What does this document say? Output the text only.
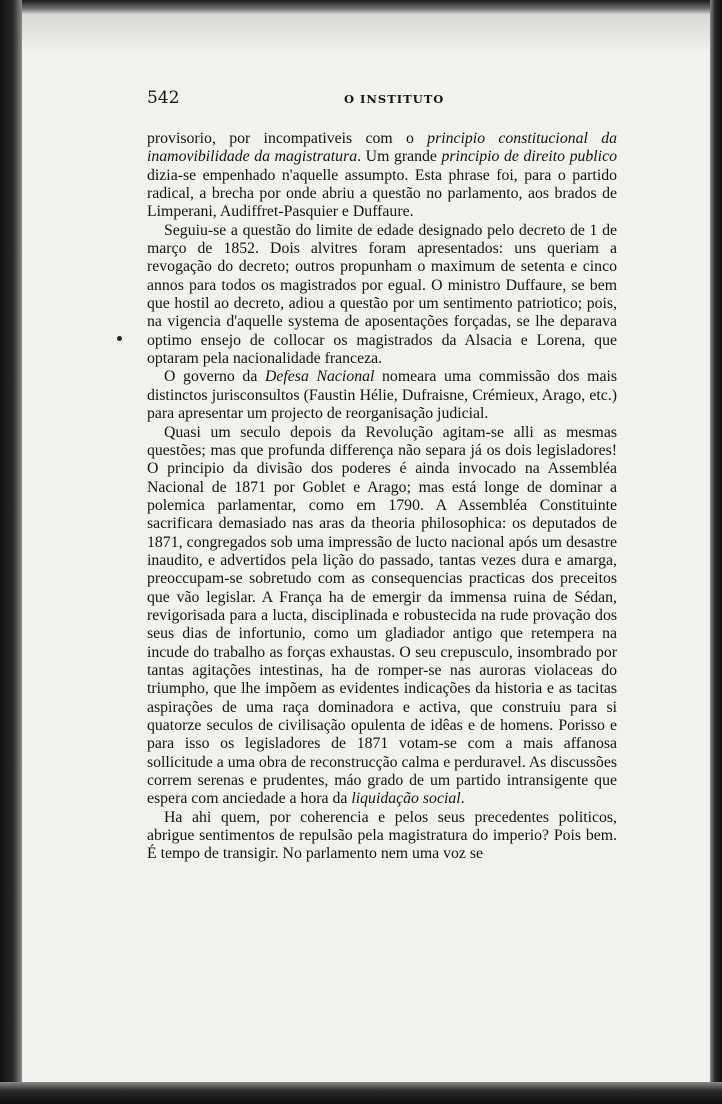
542	O INSTITUTO

provisorio, por incompativeis com o principio constitucional da inamovibilidade da magistratura. Um grande principio de direito publico dizia-se empenhado n'aquelle assumpto. Esta phrase foi, para o partido radical, a brecha por onde abriu a questão no parlamento, aos brados de Limperani, Audiffret-Pasquier e Duffaure.

Seguiu-se a questão do limite de edade designado pelo decreto de 1 de março de 1852. Dois alvitres foram apresentados: uns queriam a revogação do decreto; outros propunham o maximum de setenta e cinco annos para todos os magistrados por egual. O ministro Duffaure, se bem que hostil ao decreto, adiou a questão por um sentimento patriotico; pois, na vigencia d'aquelle systema de aposentações forçadas, se lhe deparava optimo ensejo de collocar os magistrados da Alsacia e Lorena, que optaram pela nacionalidade franceza.

O governo da Defesa Nacional nomeara uma commissão dos mais distinctos jurisconsultos (Faustin Hélie, Dufraisne, Crémieux, Arago, etc.) para apresentar um projecto de reorganisação judicial.

Quasi um seculo depois da Revolução agitam-se alli as mesmas questões; mas que profunda differença não separa já os dois legisladores! O principio da divisão dos poderes é ainda invocado na Assembléa Nacional de 1871 por Goblet e Arago; mas está longe de dominar a polemica parlamentar, como em 1790. A Assembléa Constituinte sacrificara demasiado nas aras da theoria philosophica: os deputados de 1871, congregados sob uma impressão de lucto nacional após um desastre inaudito, e advertidos pela lição do passado, tantas vezes dura e amarga, preoccupam-se sobretudo com as consequencias practicas dos preceitos que vão legislar. A França ha de emergir da immensa ruina de Sédan, revigorisada para a lucta, disciplinada e robustecida na rude provação dos seus dias de infortunio, como um gladiador antigo que retempera na incude do trabalho as forças exhaustas. O seu crepusculo, insombrado por tantas agitações intestinas, ha de romper-se nas auroras violaceas do triumpho, que lhe impõem as evidentes indicações da historia e as tacitas aspirações de uma raça dominadora e activa, que construiu para si quatorze seculos de civilisação opulenta de idêas e de homens. Porisso e para isso os legisladores de 1871 votam-se com a mais affanosa sollicitude a uma obra de reconstrucção calma e perduravel. As discussões correm serenas e prudentes, máo grado de um partido intransigente que espera com anciedade a hora da liquidação social.

Ha ahi quem, por coherencia e pelos seus precedentes politicos, abrigue sentimentos de repulsão pela magistratura do imperio? Pois bem. É tempo de transigir. No parlamento nem uma voz se
